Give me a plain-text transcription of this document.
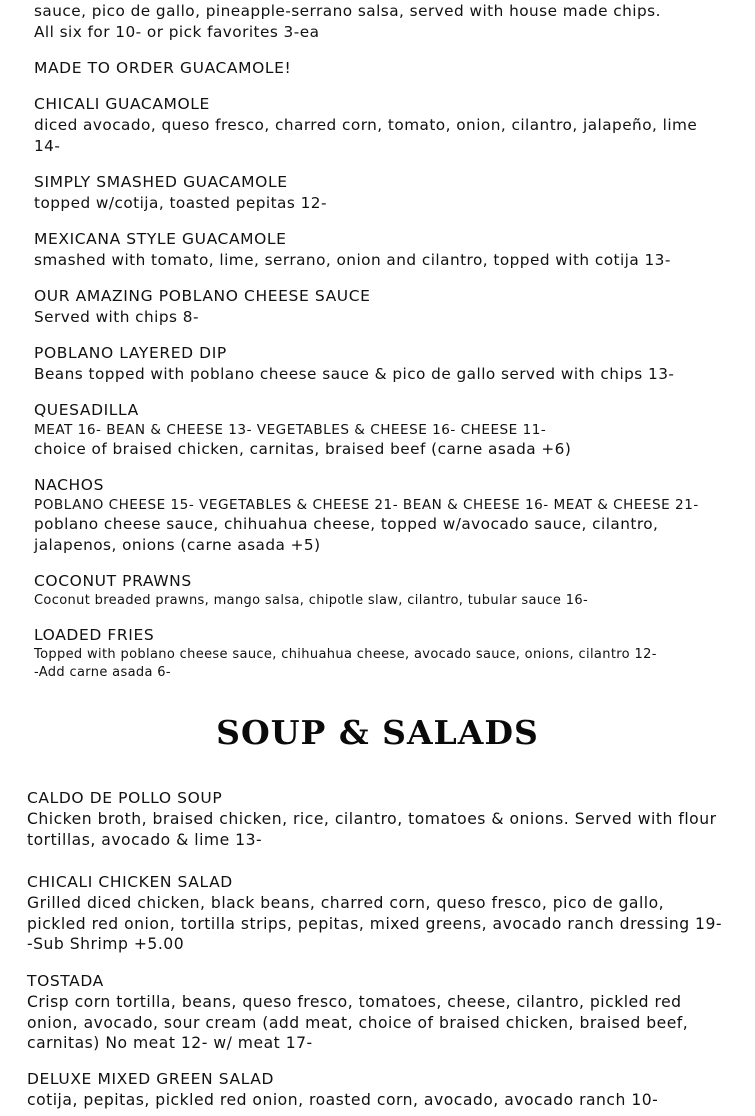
sauce, pico de gallo, pineapple-serrano salsa, served with house made chips.
All six for 10- or pick favorites 3-ea
MADE TO ORDER GUACAMOLE!
CHICALI GUACAMOLE
diced avocado, queso fresco, charred corn, tomato, onion, cilantro, jalapeño, lime
14-
SIMPLY SMASHED GUACAMOLE
topped w/cotija, toasted pepitas 12-
MEXICANA STYLE GUACAMOLE
smashed with tomato, lime, serrano, onion and cilantro, topped with cotija 13-
OUR AMAZING POBLANO CHEESE SAUCE
Served with chips 8-
POBLANO LAYERED DIP
Beans topped with poblano cheese sauce & pico de gallo served with chips 13-
QUESADILLA
MEAT 16- BEAN & CHEESE 13- VEGETABLES & CHEESE 16- CHEESE 11-
choice of braised chicken, carnitas, braised beef (carne asada +6)
NACHOS
POBLANO CHEESE 15- VEGETABLES & CHEESE 21- BEAN & CHEESE 16- MEAT & CHEESE 21-
poblano cheese sauce, chihuahua cheese, topped w/avocado sauce, cilantro,
jalapenos, onions (carne asada +5)
COCONUT PRAWNS
Coconut breaded prawns, mango salsa, chipotle slaw, cilantro, tubular sauce 16-
LOADED FRIES
Topped with poblano cheese sauce, chihuahua cheese, avocado sauce, onions, cilantro 12-
-Add carne asada 6-
SOUP & SALADS
CALDO DE POLLO SOUP
Chicken broth, braised chicken, rice, cilantro, tomatoes & onions. Served with flour
tortillas, avocado & lime 13-
CHICALI CHICKEN SALAD
Grilled diced chicken, black beans, charred corn, queso fresco, pico de gallo,
pickled red onion, tortilla strips, pepitas, mixed greens, avocado ranch dressing 19-
-Sub Shrimp +5.00
TOSTADA
Crisp corn tortilla, beans, queso fresco, tomatoes, cheese, cilantro, pickled red
onion, avocado, sour cream (add meat, choice of braised chicken, braised beef,
carnitas) No meat 12- w/ meat 17-
DELUXE MIXED GREEN SALAD
cotija, pepitas, pickled red onion, roasted corn, avocado, avocado ranch 10-
